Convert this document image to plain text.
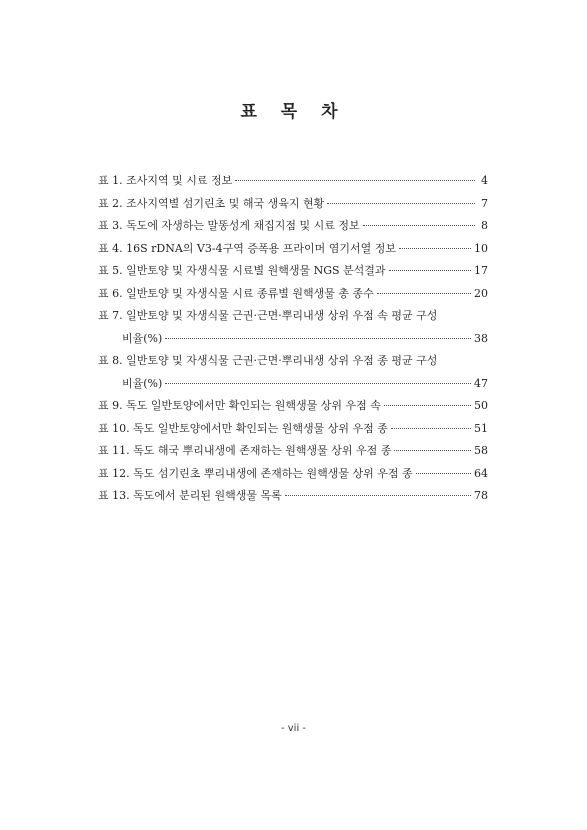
표 목 차
표 1. 조사지역 및 시료 정보	4
표 2. 조사지역별 섬기린초 및 해국 생육지 현황	7
표 3. 독도에 자생하는 말똥성게 채집지점 및 시료 정보	8
표 4. 16S rDNA의 V3-4구역 증폭용 프라이머 염기서열 정보	10
표 5. 일반토양 및 자생식물 시료별 원핵생물 NGS 분석결과	17
표 6. 일반토양 및 자생식물 시료 종류별 원핵생물 총 종수	20
표 7. 일반토양 및 자생식물 근권·근면·뿌리내생 상위 우점 속 평균 구성
비율(%)	38
표 8. 일반토양 및 자생식물 근권·근면·뿌리내생 상위 우점 종 평균 구성
비율(%)	47
표 9. 독도 일반토양에서만 확인되는 원핵생물 상위 우점 속	50
표 10. 독도 일반토양에서만 확인되는 원핵생물 상위 우점 종	51
표 11. 독도 해국 뿌리내생에 존재하는 원핵생물 상위 우점 종	58
표 12. 독도 섬기린초 뿌리내생에 존재하는 원핵생물 상위 우점 종	64
표 13. 독도에서 분리된 원핵생물 목록	78
- vii -
